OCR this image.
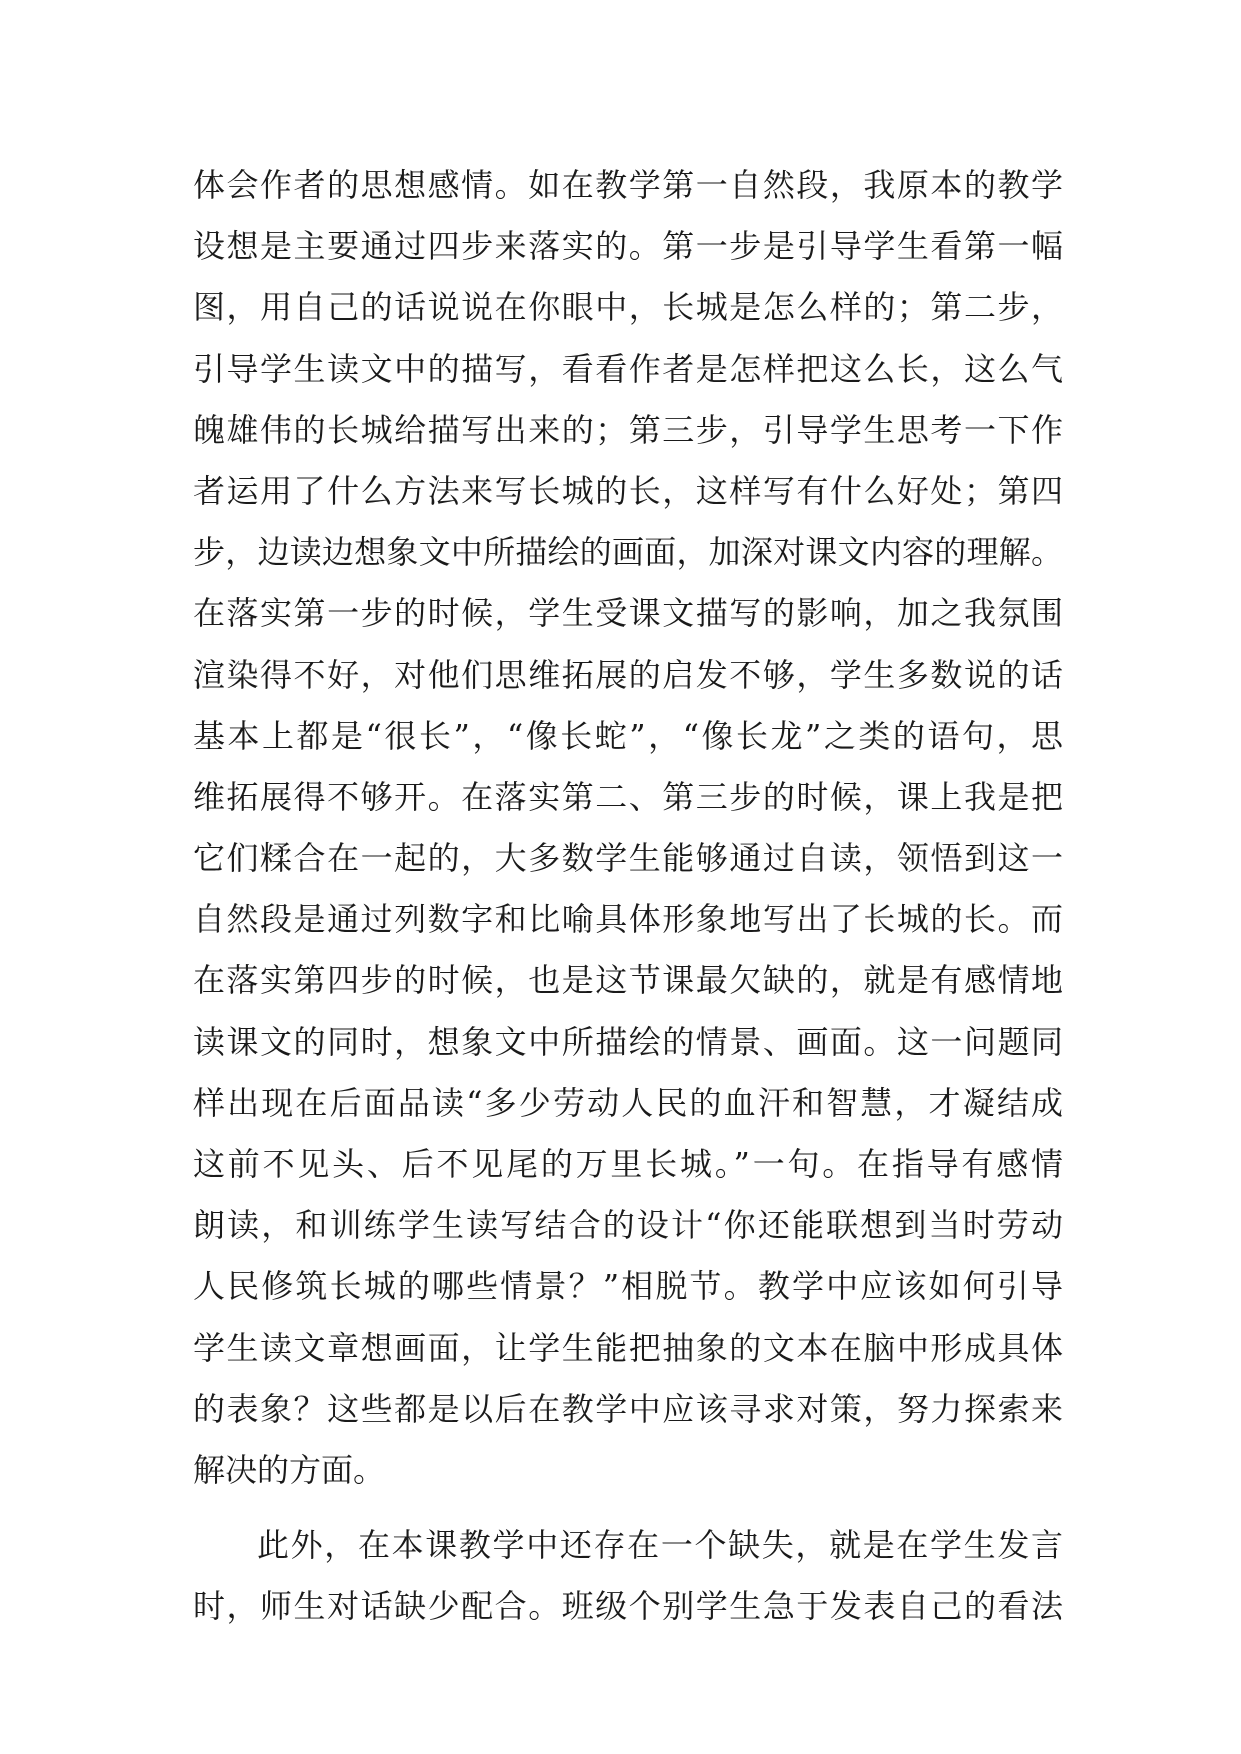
体会作者的思想感情。如在教学第一自然段，我原本的教学
设想是主要通过四步来落实的。第一步是引导学生看第一幅
图，用自己的话说说在你眼中，长城是怎么样的；第二步，
引导学生读文中的描写，看看作者是怎样把这么长，这么气
魄雄伟的长城给描写出来的；第三步，引导学生思考一下作
者运用了什么方法来写长城的长，这样写有什么好处；第四
步，边读边想象文中所描绘的画面，加深对课文内容的理解。
在落实第一步的时候，学生受课文描写的影响，加之我氛围
渲染得不好，对他们思维拓展的启发不够，学生多数说的话
基本上都是“很长”，“像长蛇”，“像长龙”之类的语句，思
维拓展得不够开。在落实第二、第三步的时候，课上我是把
它们糅合在一起的，大多数学生能够通过自读，领悟到这一
自然段是通过列数字和比喻具体形象地写出了长城的长。而
在落实第四步的时候，也是这节课最欠缺的，就是有感情地
读课文的同时，想象文中所描绘的情景、画面。这一问题同
样出现在后面品读“多少劳动人民的血汗和智慧，才凝结成
这前不见头、后不见尾的万里长城。”一句。在指导有感情
朗读，和训练学生读写结合的设计“你还能联想到当时劳动
人民修筑长城的哪些情景？”相脱节。教学中应该如何引导
学生读文章想画面，让学生能把抽象的文本在脑中形成具体
的表象？这些都是以后在教学中应该寻求对策，努力探索来
解决的方面。
此外，在本课教学中还存在一个缺失，就是在学生发言
时，师生对话缺少配合。班级个别学生急于发表自己的看法
